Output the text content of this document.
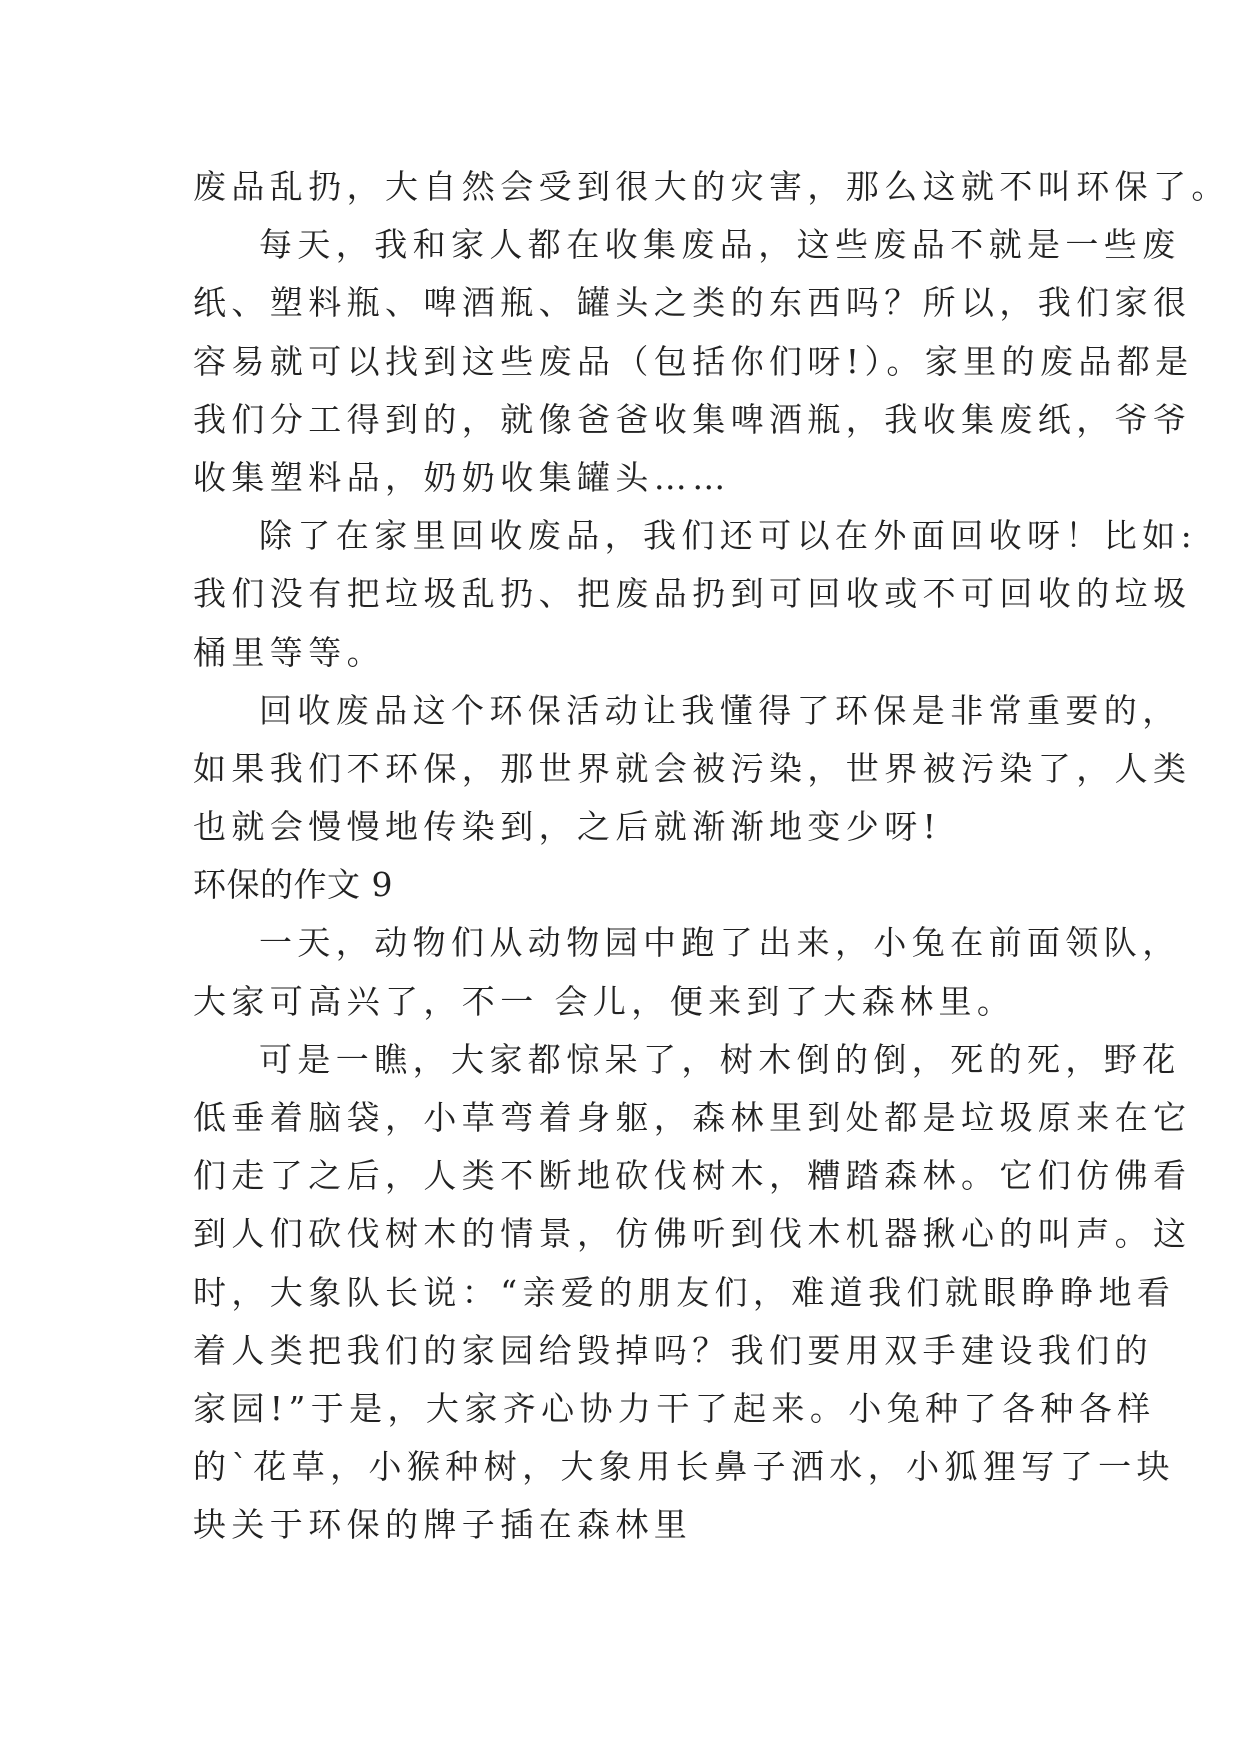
废品乱扔，大自然会受到很大的灾害，那么这就不叫环保了。
每天，我和家人都在收集废品，这些废品不就是一些废
纸、塑料瓶、啤酒瓶、罐头之类的东西吗？所以，我们家很
容易就可以找到这些废品（包括你们呀!）。家里的废品都是
我们分工得到的，就像爸爸收集啤酒瓶，我收集废纸，爷爷
收集塑料品，奶奶收集罐头……
除了在家里回收废品，我们还可以在外面回收呀！比如:
我们没有把垃圾乱扔、把废品扔到可回收或不可回收的垃圾
桶里等等。
回收废品这个环保活动让我懂得了环保是非常重要的，
如果我们不环保，那世界就会被污染，世界被污染了，人类
也就会慢慢地传染到，之后就渐渐地变少呀!
环保的作文 9
一天，动物们从动物园中跑了出来，小兔在前面领队，
大家可高兴了，不一 会儿，便来到了大森林里。
可是一瞧，大家都惊呆了，树木倒的倒，死的死，野花
低垂着脑袋，小草弯着身躯，森林里到处都是垃圾原来在它
们走了之后，人类不断地砍伐树木，糟踏森林。它们仿佛看
到人们砍伐树木的情景，仿佛听到伐木机器揪心的叫声。这
时，大象队长说：“亲爱的朋友们，难道我们就眼睁睁地看
着人类把我们的家园给毁掉吗？我们要用双手建设我们的
家园!”于是，大家齐心协力干了起来。小兔种了各种各样
的`花草，小猴种树，大象用长鼻子洒水，小狐狸写了一块
块关于环保的牌子插在森林里
